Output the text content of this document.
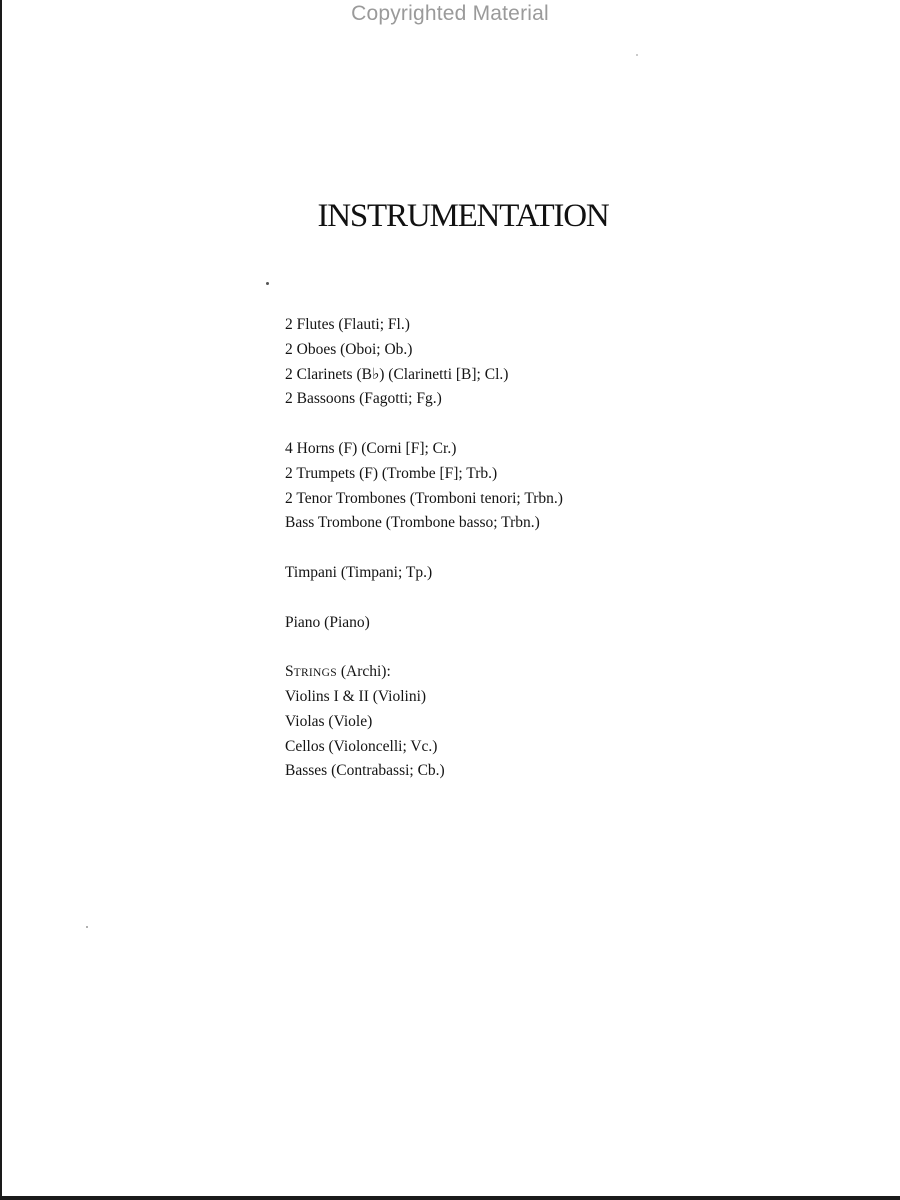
Copyrighted Material
INSTRUMENTATION
2 Flutes (Flauti; Fl.)
2 Oboes (Oboi; Ob.)
2 Clarinets (B♭) (Clarinetti [B]; Cl.)
2 Bassoons (Fagotti; Fg.)
4 Horns (F) (Corni [F]; Cr.)
2 Trumpets (F) (Trombe [F]; Trb.)
2 Tenor Trombones (Tromboni tenori; Trbn.)
Bass Trombone (Trombone basso; Trbn.)
Timpani (Timpani; Tp.)
Piano (Piano)
STRINGS (Archi):
Violins I & II (Violini)
Violas (Viole)
Cellos (Violoncelli; Vc.)
Basses (Contrabassi; Cb.)
